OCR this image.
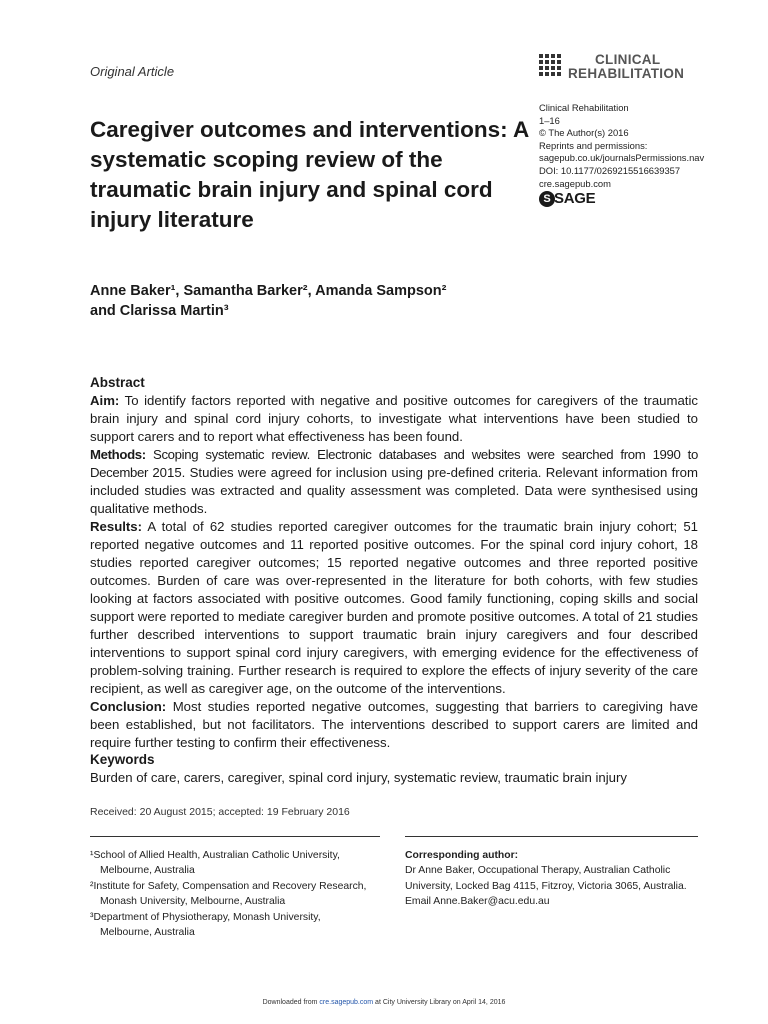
Original Article
CLINICAL
REHABILITATION
Caregiver outcomes and interventions: A systematic scoping review of the traumatic brain injury and spinal cord injury literature
Clinical Rehabilitation
1–16
© The Author(s) 2016
Reprints and permissions:
sagepub.co.uk/journalsPermissions.nav
DOI: 10.1177/0269215516639357
cre.sagepub.com
S SAGE
Anne Baker¹, Samantha Barker², Amanda Sampson²
and Clarissa Martin³
Abstract

Aim: To identify factors reported with negative and positive outcomes for caregivers of the traumatic brain injury and spinal cord injury cohorts, to investigate what interventions have been studied to support carers and to report what effectiveness has been found.

Methods: Scoping systematic review. Electronic databases and websites were searched from 1990 to December 2015. Studies were agreed for inclusion using pre-defined criteria. Relevant information from included studies was extracted and quality assessment was completed. Data were synthesised using qualitative methods.

Results: A total of 62 studies reported caregiver outcomes for the traumatic brain injury cohort; 51 reported negative outcomes and 11 reported positive outcomes. For the spinal cord injury cohort, 18 studies reported caregiver outcomes; 15 reported negative outcomes and three reported positive outcomes. Burden of care was over-represented in the literature for both cohorts, with few studies looking at factors associated with positive outcomes. Good family functioning, coping skills and social support were reported to mediate caregiver burden and promote positive outcomes. A total of 21 studies further described interventions to support traumatic brain injury caregivers and four described interventions to support spinal cord injury caregivers, with emerging evidence for the effectiveness of problem-solving training. Further research is required to explore the effects of injury severity of the care recipient, as well as caregiver age, on the outcome of the interventions.

Conclusion: Most studies reported negative outcomes, suggesting that barriers to caregiving have been established, but not facilitators. The interventions described to support carers are limited and require further testing to confirm their effectiveness.

Keywords
Burden of care, carers, caregiver, spinal cord injury, systematic review, traumatic brain injury
Received: 20 August 2015; accepted: 19 February 2016
¹School of Allied Health, Australian Catholic University,
Melbourne, Australia
²Institute for Safety, Compensation and Recovery Research,
Monash University, Melbourne, Australia
³Department of Physiotherapy, Monash University,
Melbourne, Australia
Corresponding author:
Dr Anne Baker, Occupational Therapy, Australian Catholic
University, Locked Bag 4115, Fitzroy, Victoria 3065, Australia.
Email Anne.Baker@acu.edu.au
Downloaded from cre.sagepub.com at City University Library on April 14, 2016
